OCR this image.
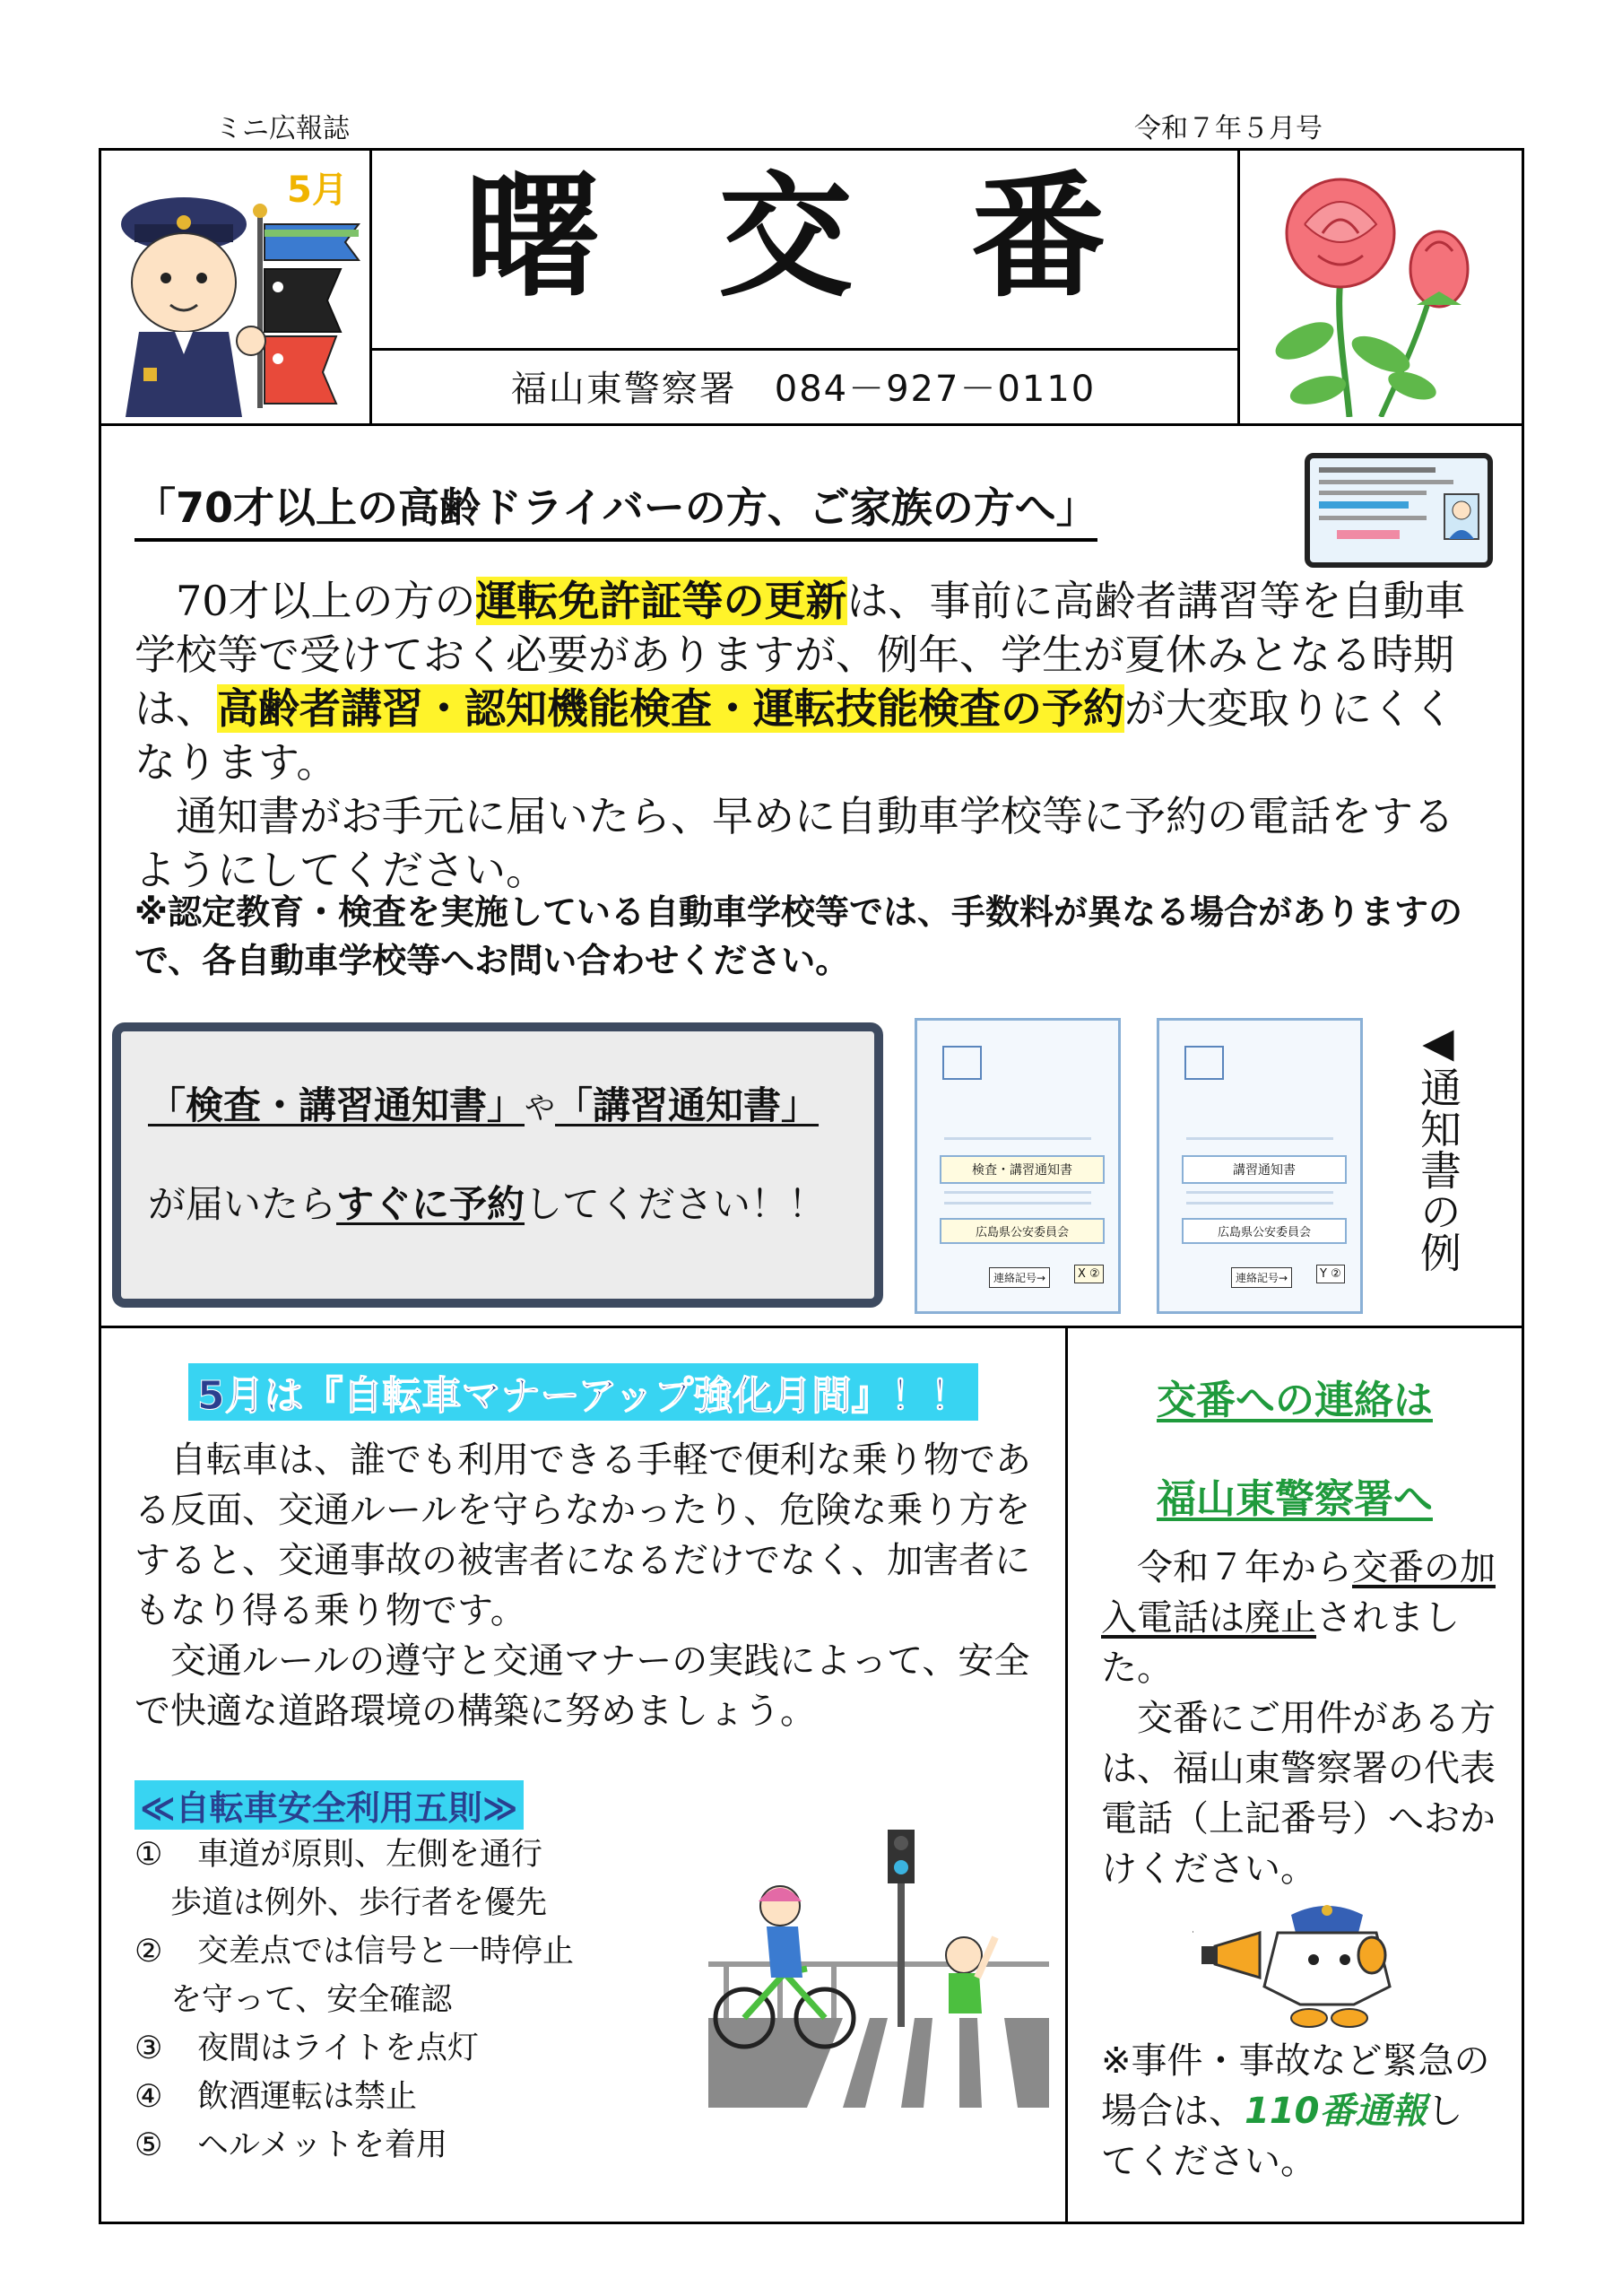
ミニ広報誌	令和７年５月号
5月 曙 交 番
福山東警察署　084－927－0110
「70才以上の高齢ドライバーの方、ご家族の方へ」
70才以上の方の運転免許証等の更新は、事前に高齢者講習等を自動車学校等で受けておく必要がありますが、例年、学生が夏休みとなる時期は、高齢者講習・認知機能検査・運転技能検査の予約が大変取りにくくなります。
通知書がお手元に届いたら、早めに自動車学校等に予約の電話をするようにしてください。
※認定教育・検査を実施している自動車学校等では、手数料が異なる場合がありますので、各自動車学校等へお問い合わせください。
「検査・講習通知書」や「講習通知書」
が届いたらすぐに予約してください！！
検査・講習通知書
広島県公安委員会
連絡記号→	X ②
講習通知書
広島県公安委員会
連絡記号→	Y ②
◀通知書の例
5月は『自転車マナーアップ強化月間』！！
自転車は、誰でも利用できる手軽で便利な乗り物である反面、交通ルールを守らなかったり、危険な乗り方をすると、交通事故の被害者になるだけでなく、加害者にもなり得る乗り物です。
交通ルールの遵守と交通マナーの実践によって、安全で快適な道路環境の構築に努めましょう。
≪自転車安全利用五則≫
① 車道が原則、左側を通行
歩道は例外、歩行者を優先
② 交差点では信号と一時停止
を守って、安全確認
③ 夜間はライトを点灯
④ 飲酒運転は禁止
⑤ ヘルメットを着用
交番への連絡は
福山東警察署へ
令和７年から交番の加入電話は廃止されました。
交番にご用件がある方は、福山東警察署の代表電話（上記番号）へおかけください。
※事件・事故など緊急の場合は、110番通報してください。
